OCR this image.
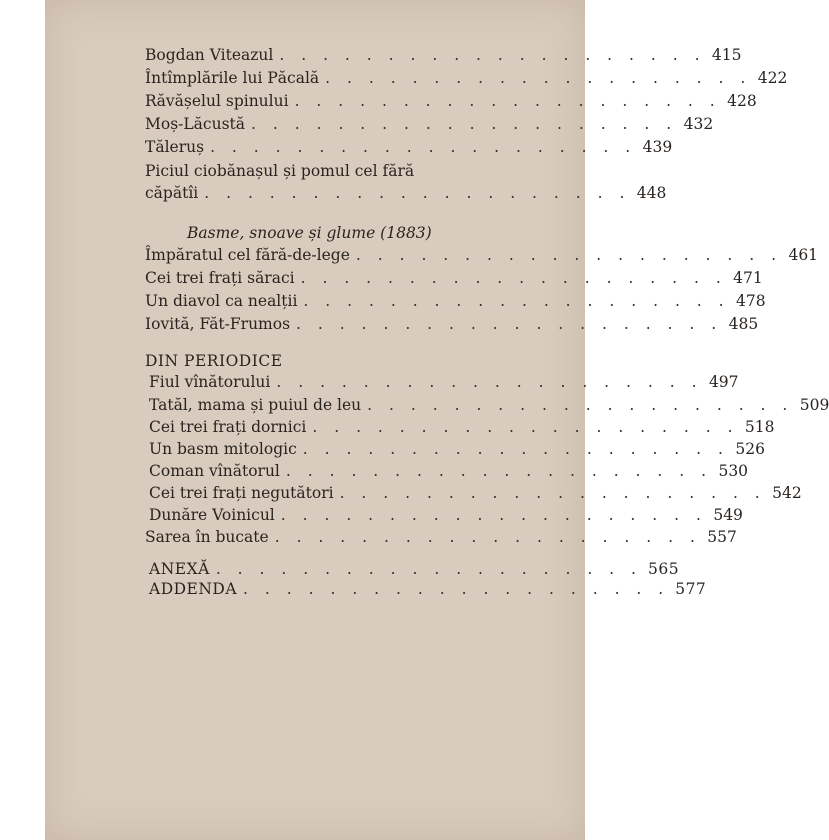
Bogdan Viteazul . . . . . . . . . . . . . . . . . . . . 415
Întîmplările lui Păcală . . . . . . . . . . . . . . . . . . . . 422
Răvășelul spinului . . . . . . . . . . . . . . . . . . . . 428
Moș-Lăcustă . . . . . . . . . . . . . . . . . . . . 432
Tăleruș . . . . . . . . . . . . . . . . . . . . 439
Piciul ciobănașul și pomul cel fără
căpătîi . . . . . . . . . . . . . . . . . . . . 448
Basme, snoave și glume (1883)
Împăratul cel fără-de-lege . . . . . . . . . . . . . . . . . . . . 461
Cei trei frați săraci . . . . . . . . . . . . . . . . . . . . 471
Un diavol ca nealții . . . . . . . . . . . . . . . . . . . . 478
Iovită, Făt-Frumos . . . . . . . . . . . . . . . . . . . . 485
DIN PERIODICE
Fiul vînătorului . . . . . . . . . . . . . . . . . . . . 497
Tatăl, mama și puiul de leu . . . . . . . . . . . . . . . . . . . . 509
Cei trei frați dornici . . . . . . . . . . . . . . . . . . . . 518
Un basm mitologic . . . . . . . . . . . . . . . . . . . . 526
Coman vînătorul . . . . . . . . . . . . . . . . . . . . 530
Cei trei frați negutători . . . . . . . . . . . . . . . . . . . . 542
Dunăre Voinicul . . . . . . . . . . . . . . . . . . . . 549
Sarea în bucate . . . . . . . . . . . . . . . . . . . . 557
ANEXĂ . . . . . . . . . . . . . . . . . . . . 565
ADDENDA . . . . . . . . . . . . . . . . . . . . 577
